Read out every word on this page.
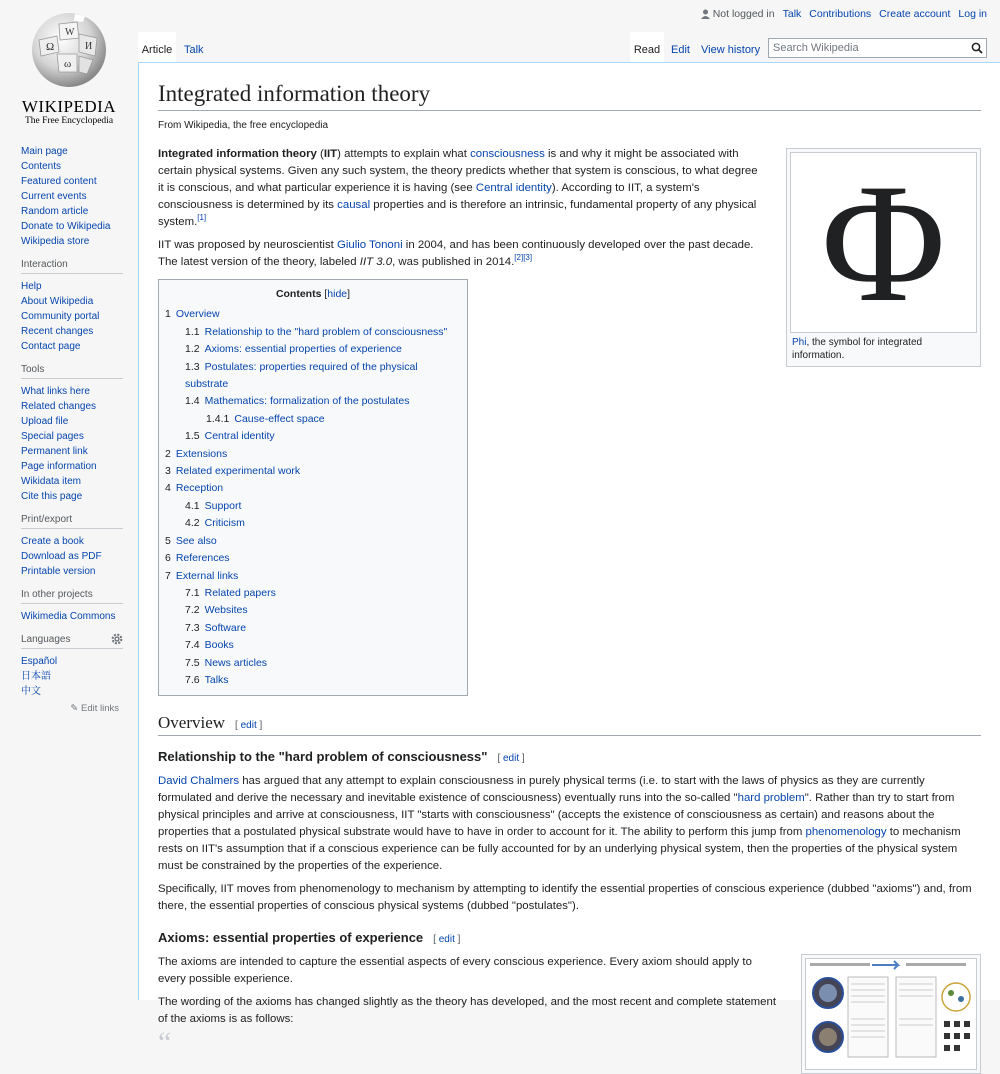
Not logged in Talk Contributions Create account Log in
Ω
W
И
ω
WIKIPEDIA
The Free Encyclopedia
Main page
Contents
Featured content
Current events
Random article
Donate to Wikipedia
Wikipedia store
Interaction
Help
About Wikipedia
Community portal
Recent changes
Contact page
Tools
What links here
Related changes
Upload file
Special pages
Permanent link
Page information
Wikidata item
Cite this page
Print/export
Create a book
Download as PDF
Printable version
In other projects
Wikimedia Commons
Languages
Español
日本語
中文
✎ Edit links
Article	Talk	Read Edit View history	Search Wikipedia
Integrated information theory
From Wikipedia, the free encyclopedia
Φ
Phi, the symbol for integrated information.

Integrated information theory (IIT) attempts to explain what consciousness is and why it might be associated with certain physical systems. Given any such system, the theory predicts whether that system is conscious, to what degree it is conscious, and what particular experience it is having (see Central identity). According to IIT, a system's consciousness is determined by its causal properties and is therefore an intrinsic, fundamental property of any physical system.[1]

IIT was proposed by neuroscientist Giulio Tononi in 2004, and has been continuously developed over the past decade. The latest version of the theory, labeled IIT 3.0, was published in 2014.[2][3]

Contents [hide]
1 Overview
1.1 Relationship to the "hard problem of consciousness"
1.2 Axioms: essential properties of experience
1.3 Postulates: properties required of the physical substrate
1.4 Mathematics: formalization of the postulates
1.4.1 Cause-effect space
1.5 Central identity
2 Extensions
3 Related experimental work
4 Reception
4.1 Support
4.2 Criticism
5 See also
6 References
7 External links
7.1 Related papers
7.2 Websites
7.3 Software
7.4 Books
7.5 News articles
7.6 Talks
Overview [ edit ]
Relationship to the "hard problem of consciousness" [ edit ]

David Chalmers has argued that any attempt to explain consciousness in purely physical terms (i.e. to start with the laws of physics as they are currently formulated and derive the necessary and inevitable existence of consciousness) eventually runs into the so-called "hard problem". Rather than try to start from physical principles and arrive at consciousness, IIT "starts with consciousness" (accepts the existence of consciousness as certain) and reasons about the properties that a postulated physical substrate would have to have in order to account for it. The ability to perform this jump from phenomenology to mechanism rests on IIT's assumption that if a conscious experience can be fully accounted for by an underlying physical system, then the properties of the physical system must be constrained by the properties of the experience.

Specifically, IIT moves from phenomenology to mechanism by attempting to identify the essential properties of conscious experience (dubbed "axioms") and, from there, the essential properties of conscious physical systems (dubbed "postulates").

Axioms: essential properties of experience [ edit ]

The axioms are intended to capture the essential aspects of every conscious experience. Every axiom should apply to every possible experience.

The wording of the axioms has changed slightly as the theory has developed, and the most recent and complete statement of the axioms is as follows:

“
